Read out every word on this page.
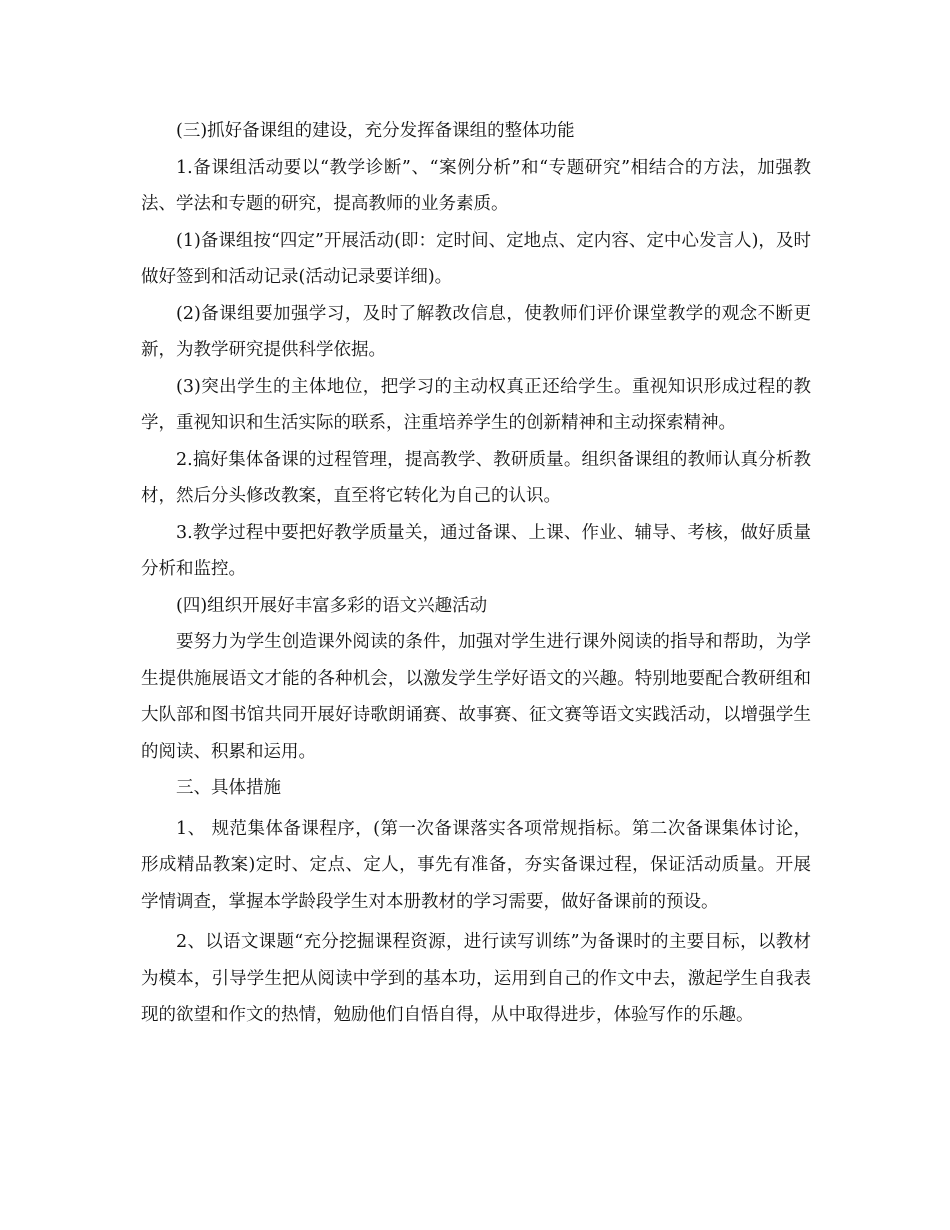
(三)抓好备课组的建设，充分发挥备课组的整体功能

1.备课组活动要以“教学诊断”、“案例分析”和“专题研究”相结合的方法，加强教法、学法和专题的研究，提高教师的业务素质。

(1)备课组按“四定”开展活动(即：定时间、定地点、定内容、定中心发言人)，及时做好签到和活动记录(活动记录要详细)。

(2)备课组要加强学习，及时了解教改信息，使教师们评价课堂教学的观念不断更新，为教学研究提供科学依据。

(3)突出学生的主体地位，把学习的主动权真正还给学生。重视知识形成过程的教学，重视知识和生活实际的联系，注重培养学生的创新精神和主动探索精神。

2.搞好集体备课的过程管理，提高教学、教研质量。组织备课组的教师认真分析教材，然后分头修改教案，直至将它转化为自己的认识。

3.教学过程中要把好教学质量关，通过备课、上课、作业、辅导、考核，做好质量分析和监控。

(四)组织开展好丰富多彩的语文兴趣活动

要努力为学生创造课外阅读的条件，加强对学生进行课外阅读的指导和帮助，为学生提供施展语文才能的各种机会，以激发学生学好语文的兴趣。特别地要配合教研组和大队部和图书馆共同开展好诗歌朗诵赛、故事赛、征文赛等语文实践活动，以增强学生的阅读、积累和运用。

三、具体措施

1、 规范集体备课程序，(第一次备课落实各项常规指标。第二次备课集体讨论，形成精品教案)定时、定点、定人，事先有准备，夯实备课过程，保证活动质量。开展学情调查，掌握本学龄段学生对本册教材的学习需要，做好备课前的预设。

2、以语文课题“充分挖掘课程资源，进行读写训练”为备课时的主要目标，以教材为模本，引导学生把从阅读中学到的基本功，运用到自己的作文中去，激起学生自我表现的欲望和作文的热情，勉励他们自悟自得，从中取得进步，体验写作的乐趣。
